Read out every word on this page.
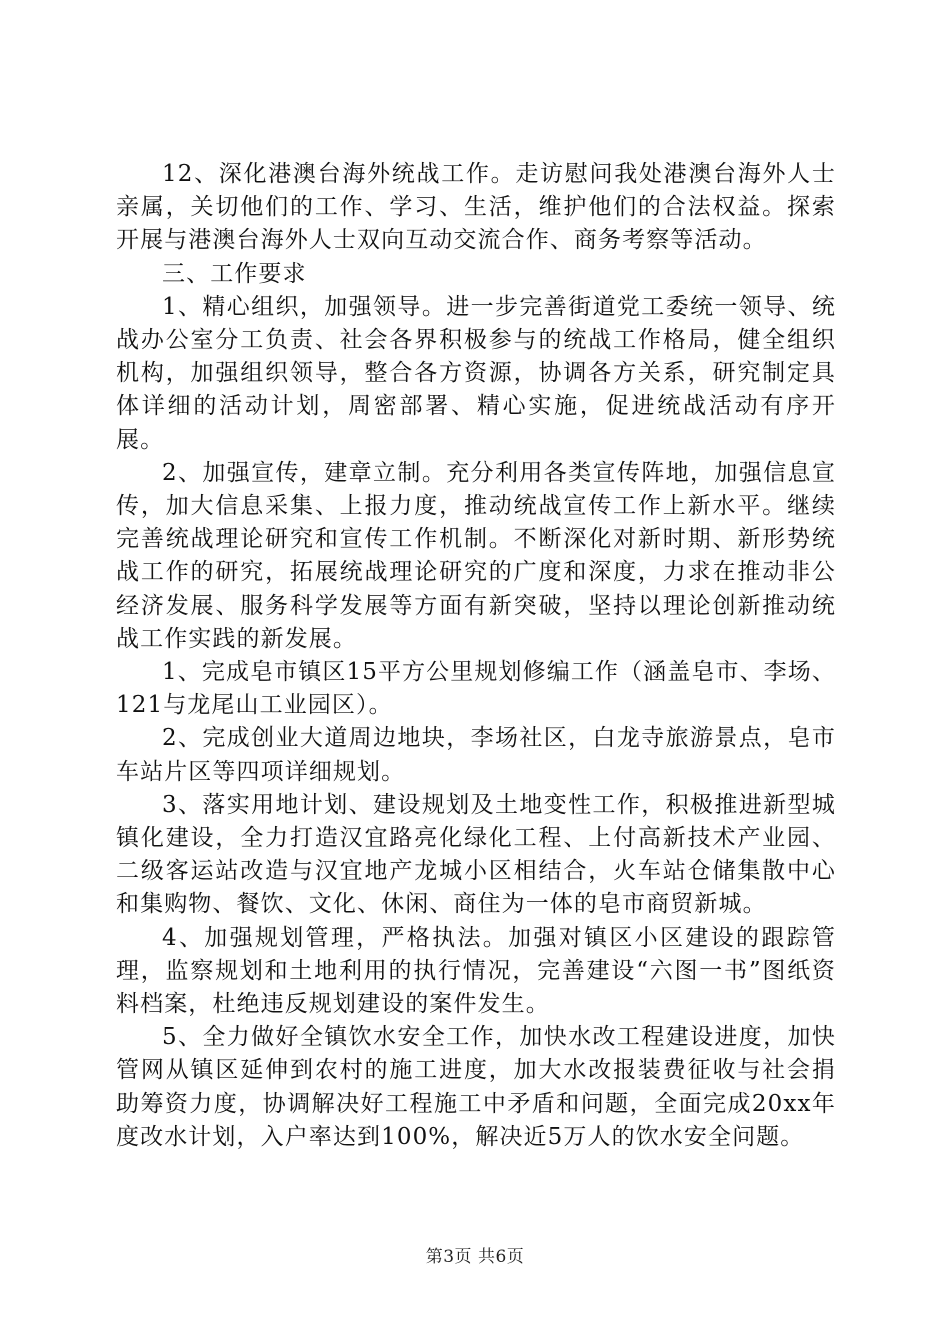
12、深化港澳台海外统战工作。走访慰问我处港澳台海外人士亲属，关切他们的工作、学习、生活，维护他们的合法权益。探索开展与港澳台海外人士双向互动交流合作、商务考察等活动。

三、工作要求

1、精心组织，加强领导。进一步完善街道党工委统一领导、统战办公室分工负责、社会各界积极参与的统战工作格局，健全组织机构，加强组织领导，整合各方资源，协调各方关系，研究制定具体详细的活动计划，周密部署、精心实施，促进统战活动有序开展。

2、加强宣传，建章立制。充分利用各类宣传阵地，加强信息宣传，加大信息采集、上报力度，推动统战宣传工作上新水平。继续完善统战理论研究和宣传工作机制。不断深化对新时期、新形势统战工作的研究，拓展统战理论研究的广度和深度，力求在推动非公经济发展、服务科学发展等方面有新突破，坚持以理论创新推动统战工作实践的新发展。

1、完成皂市镇区15平方公里规划修编工作（涵盖皂市、李场、121与龙尾山工业园区）。

2、完成创业大道周边地块，李场社区，白龙寺旅游景点，皂市车站片区等四项详细规划。

3、落实用地计划、建设规划及土地变性工作，积极推进新型城镇化建设，全力打造汉宜路亮化绿化工程、上付高新技术产业园、二级客运站改造与汉宜地产龙城小区相结合，火车站仓储集散中心和集购物、餐饮、文化、休闲、商住为一体的皂市商贸新城。

4、加强规划管理，严格执法。加强对镇区小区建设的跟踪管理，监察规划和土地利用的执行情况，完善建设“六图一书”图纸资料档案，杜绝违反规划建设的案件发生。

5、全力做好全镇饮水安全工作，加快水改工程建设进度，加快管网从镇区延伸到农村的施工进度，加大水改报装费征收与社会捐助筹资力度，协调解决好工程施工中矛盾和问题，全面完成20xx年度改水计划，入户率达到100%，解决近5万人的饮水安全问题。

第3页 共6页
